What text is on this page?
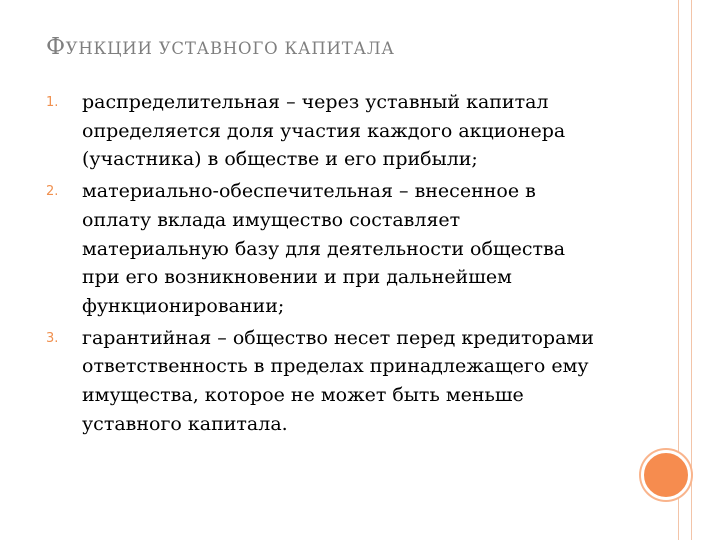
ФУНКЦИИ УСТАВНОГО КАПИТАЛА
1. распределительная – через уставный капитал определяется доля участия каждого акционера (участника) в обществе и его прибыли;
2. материально-обеспечительная – внесенное в оплату вклада имущество составляет материальную базу для деятельности общества при его возникновении и при дальнейшем функционировании;
3. гарантийная – общество несет перед кредиторами ответственность в пределах принадлежащего ему имущества, которое не может быть меньше уставного капитала.
